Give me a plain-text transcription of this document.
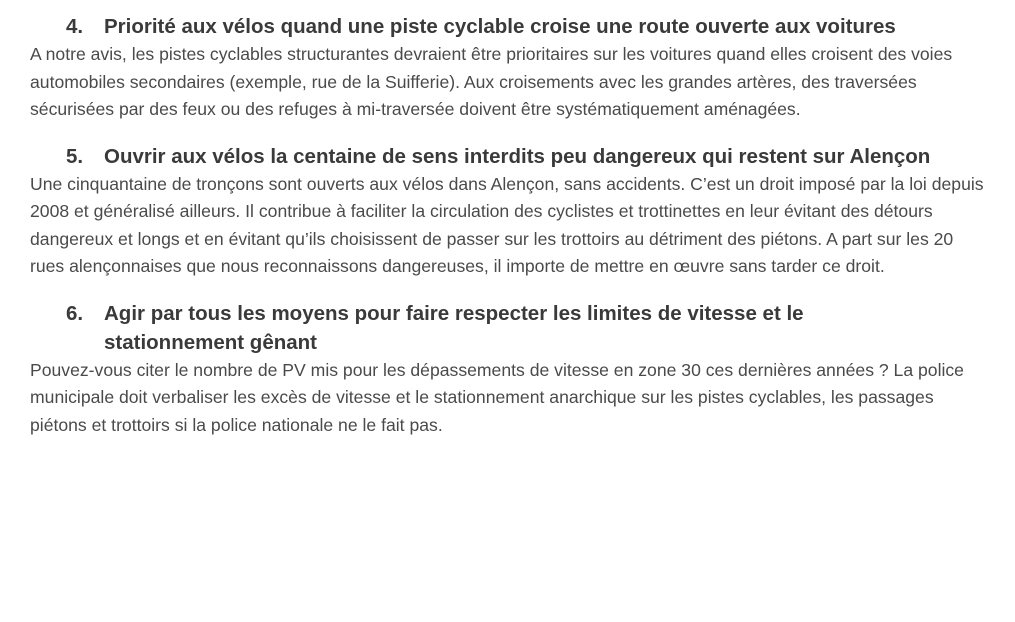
4.	Priorité aux vélos quand une piste cyclable croise une route ouverte aux voitures

A notre avis, les pistes cyclables structurantes devraient être prioritaires sur les voitures quand elles croisent des voies automobiles secondaires (exemple, rue de la Suifferie). Aux croisements avec les grandes artères, des traversées sécurisées par des feux ou des refuges à mi-traversée doivent être systématiquement aménagées.

5.	Ouvrir aux vélos la centaine de sens interdits peu dangereux qui restent sur Alençon

Une cinquantaine de tronçons sont ouverts aux vélos dans Alençon, sans accidents. C’est un droit imposé par la loi depuis 2008 et généralisé ailleurs. Il contribue à faciliter la circulation des cyclistes et trottinettes en leur évitant des détours dangereux et longs et en évitant qu’ils choisissent de passer sur les trottoirs au détriment des piétons. A part sur les 20 rues alençonnaises que nous reconnaissons dangereuses, il importe de mettre en œuvre sans tarder ce droit.

6.	Agir par tous les moyens pour faire respecter les limites de vitesse et le stationnement gênant

Pouvez-vous citer le nombre de PV mis pour les dépassements de vitesse en zone 30 ces dernières années ? La police municipale doit verbaliser les excès de vitesse et le stationnement anarchique sur les pistes cyclables, les passages piétons et trottoirs si la police nationale ne le fait pas.
